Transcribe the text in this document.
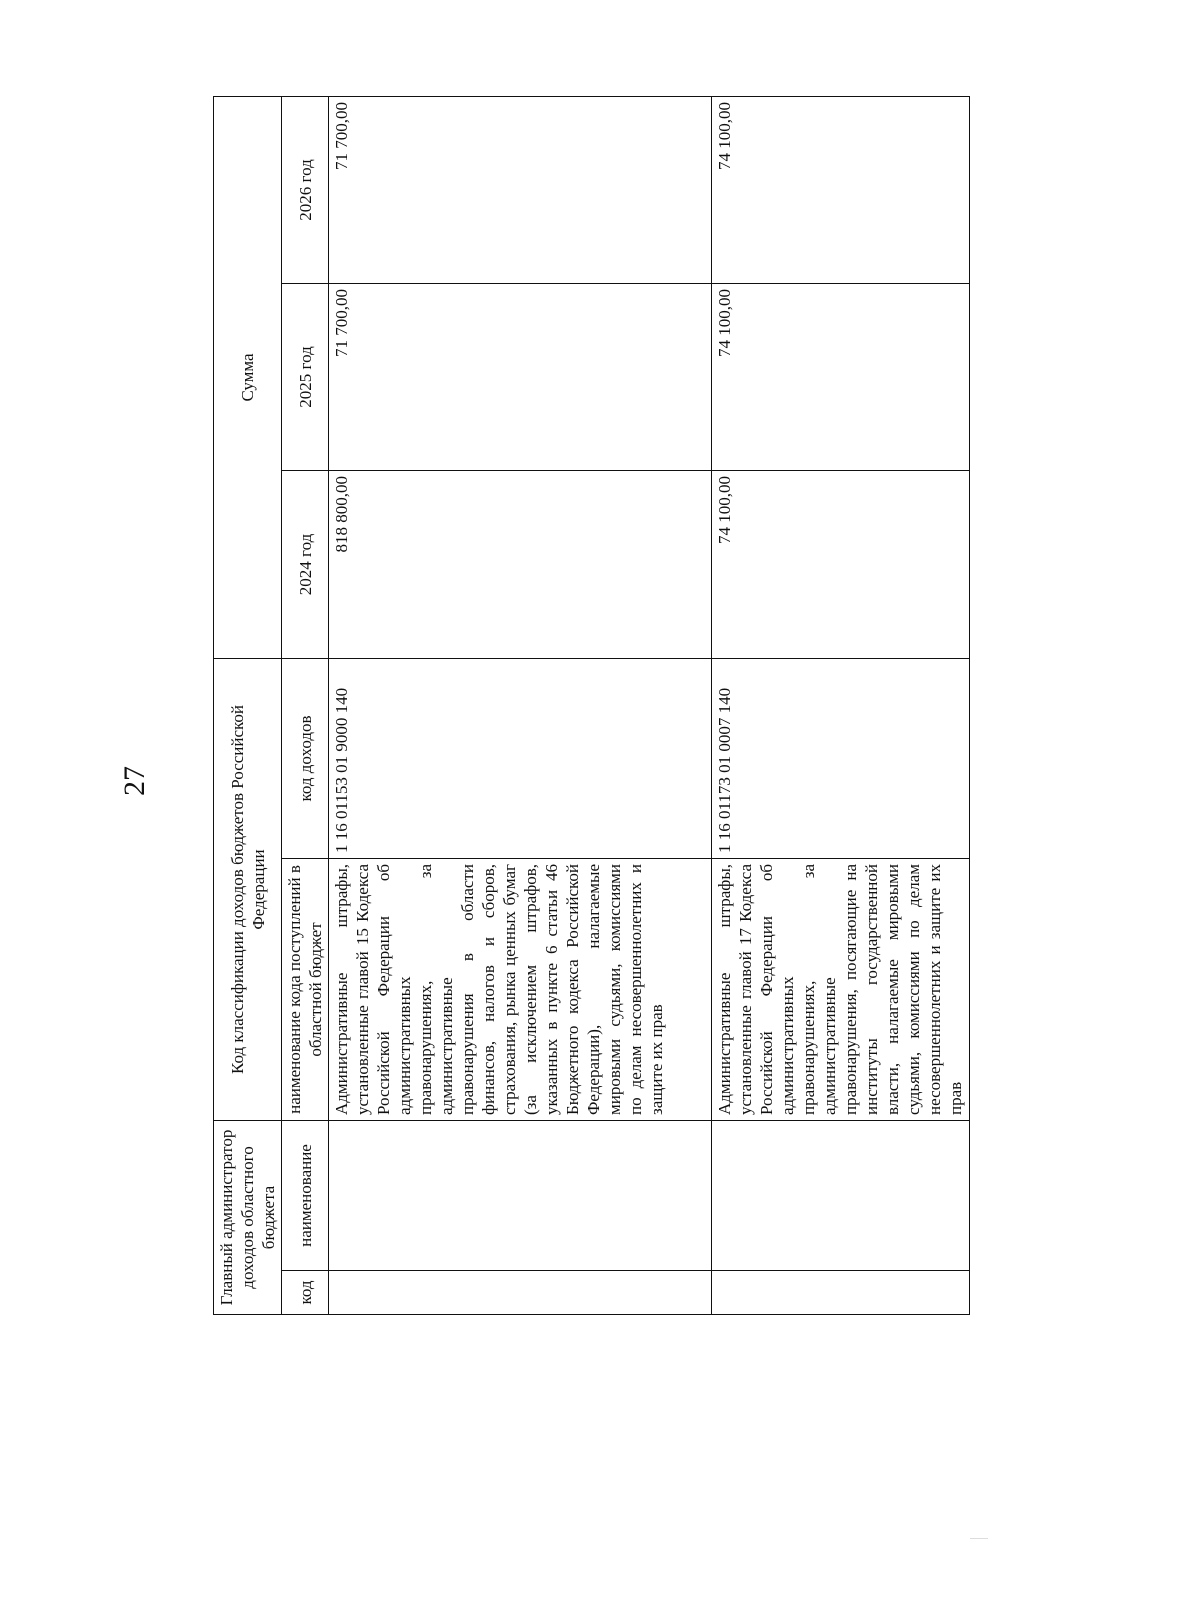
27
Главный администратор доходов областного бюджета		Код классификации доходов бюджетов Российской Федерации		Сумма		
код	наименование	наименование кода поступлений в областной бюджет	код доходов	2024 год	2025 год	2026 год
		Административные штрафы, установленные главой 15 Кодекса Российской Федерации об административных правонарушениях, за административные правонарушения в области финансов, налогов и сборов, страхования, рынка ценных бумаг (за исключением штрафов, указанных в пункте 6 статьи 46 Бюджетного кодекса Российской Федерации), налагаемые мировыми судьями, комиссиями по делам несовершеннолетних и защите их прав	1 16 01153 01 9000 140	818 800,00	71 700,00	71 700,00
		Административные штрафы, установленные главой 17 Кодекса Российской Федерации об административных правонарушениях, за административные правонарушения, посягающие на институты государственной власти, налагаемые мировыми судьями, комиссиями по делам несовершеннолетних и защите их прав	1 16 01173 01 0007 140	74 100,00	74 100,00	74 100,00
